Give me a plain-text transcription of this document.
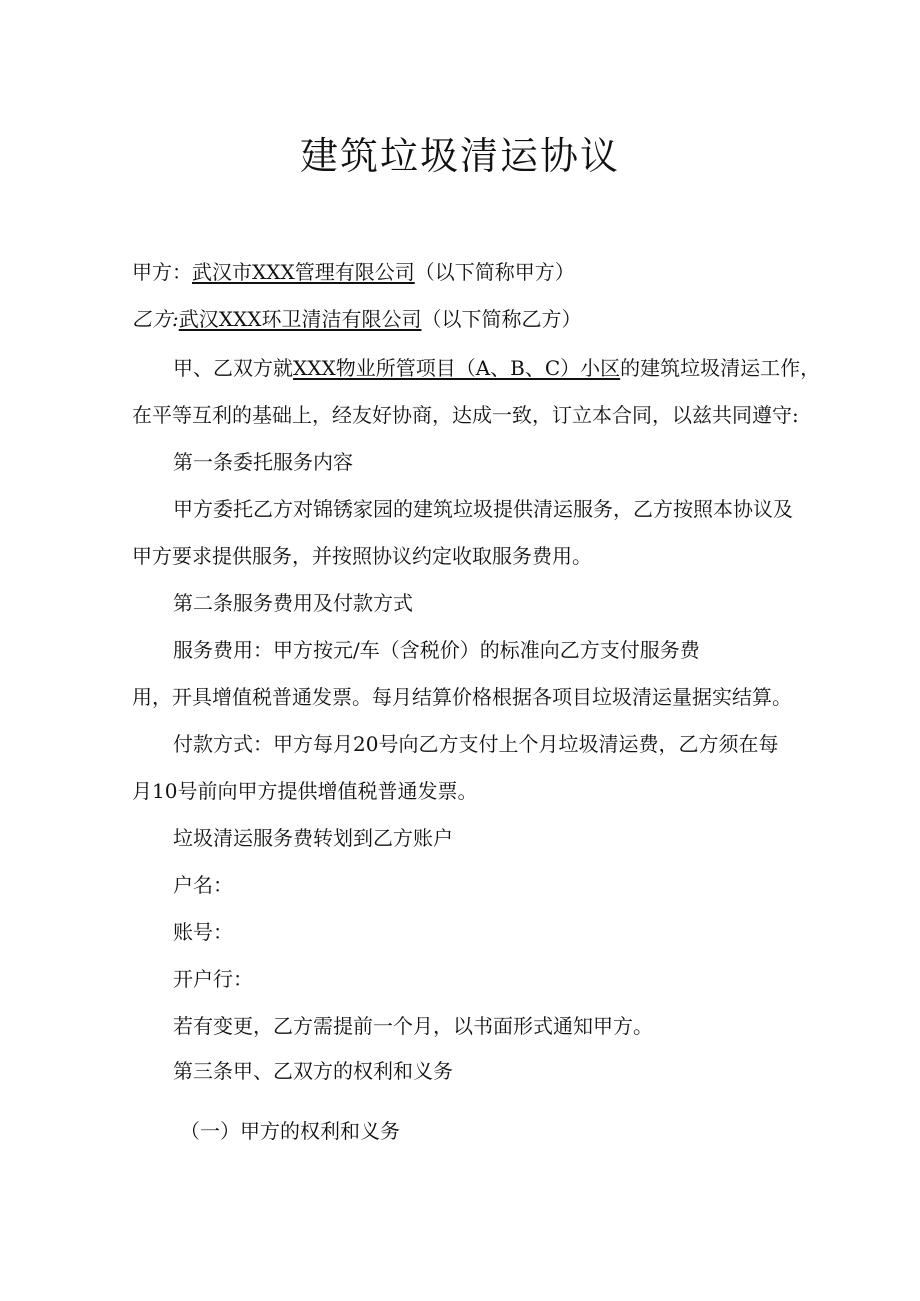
建筑垃圾清运协议
甲方：武汉市XXX管理有限公司（以下简称甲方）
乙方:武汉XXX环卫清洁有限公司（以下简称乙方）
甲、乙双方就XXX物业所管项目（A、B、C）小区的建筑垃圾清运工作，
在平等互利的基础上，经友好协商，达成一致，订立本合同，以兹共同遵守:
第一条委托服务内容
甲方委托乙方对锦锈家园的建筑垃圾提供清运服务，乙方按照本协议及
甲方要求提供服务，并按照协议约定收取服务费用。
第二条服务费用及付款方式
服务费用：甲方按元/车（含税价）的标准向乙方支付服务费
用，开具增值税普通发票。每月结算价格根据各项目垃圾清运量据实结算。
付款方式：甲方每月20号向乙方支付上个月垃圾清运费，乙方须在每
月10号前向甲方提供增值税普通发票。
垃圾清运服务费转划到乙方账户
户名：
账号：
开户行：
若有变更，乙方需提前一个月，以书面形式通知甲方。
第三条甲、乙双方的权利和义务
（一）甲方的权利和义务
